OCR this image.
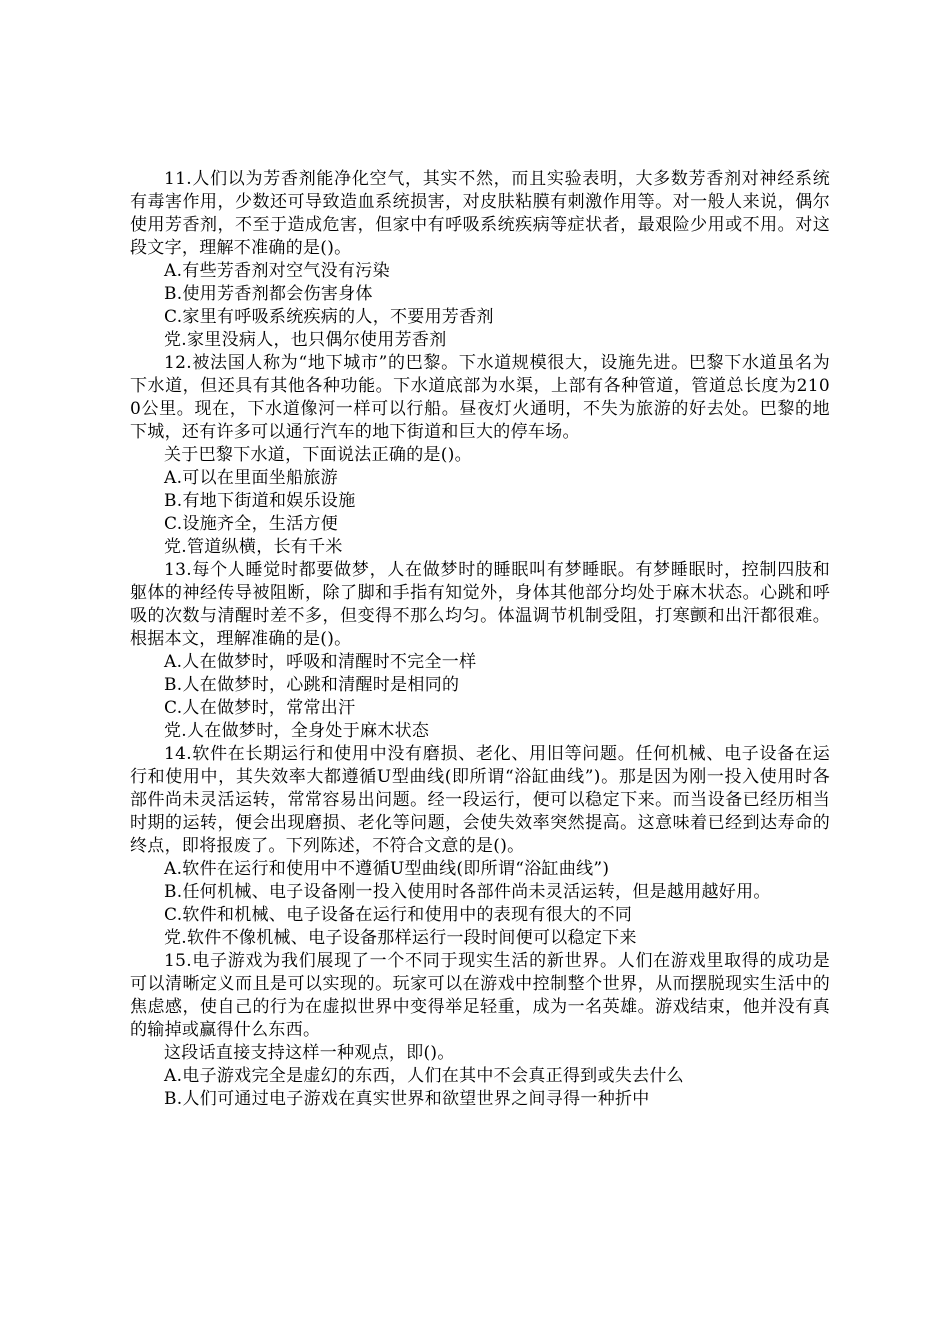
11.人们以为芳香剂能净化空气，其实不然，而且实验表明，大多数芳香剂对神经系统有毒害作用，少数还可导致造血系统损害，对皮肤粘膜有刺激作用等。对一般人来说，偶尔使用芳香剂，不至于造成危害，但家中有呼吸系统疾病等症状者，最艰险少用或不用。对这段文字，理解不准确的是()。

A.有些芳香剂对空气没有污染

B.使用芳香剂都会伤害身体

C.家里有呼吸系统疾病的人，不要用芳香剂

党.家里没病人，也只偶尔使用芳香剂

12.被法国人称为“地下城市”的巴黎。下水道规模很大，设施先进。巴黎下水道虽名为下水道，但还具有其他各种功能。下水道底部为水渠，上部有各种管道，管道总长度为2100公里。现在，下水道像河一样可以行船。昼夜灯火通明，不失为旅游的好去处。巴黎的地下城，还有许多可以通行汽车的地下街道和巨大的停车场。

关于巴黎下水道，下面说法正确的是()。

A.可以在里面坐船旅游

B.有地下街道和娱乐设施

C.设施齐全，生活方便

党.管道纵横，长有千米

13.每个人睡觉时都要做梦，人在做梦时的睡眠叫有梦睡眠。有梦睡眠时，控制四肢和躯体的神经传导被阻断，除了脚和手指有知觉外，身体其他部分均处于麻木状态。心跳和呼吸的次数与清醒时差不多，但变得不那么均匀。体温调节机制受阻，打寒颤和出汗都很难。根据本文，理解准确的是()。

A.人在做梦时，呼吸和清醒时不完全一样

B.人在做梦时，心跳和清醒时是相同的

C.人在做梦时，常常出汗

党.人在做梦时，全身处于麻木状态

14.软件在长期运行和使用中没有磨损、老化、用旧等问题。任何机械、电子设备在运行和使用中，其失效率大都遵循U型曲线(即所谓“浴缸曲线”)。那是因为刚一投入使用时各部件尚未灵活运转，常常容易出问题。经一段运行，便可以稳定下来。而当设备已经历相当时期的运转，便会出现磨损、老化等问题，会使失效率突然提高。这意味着已经到达寿命的终点，即将报废了。下列陈述，不符合文意的是()。

A.软件在运行和使用中不遵循U型曲线(即所谓“浴缸曲线”)

B.任何机械、电子设备刚一投入使用时各部件尚未灵活运转，但是越用越好用。

C.软件和机械、电子设备在运行和使用中的表现有很大的不同

党.软件不像机械、电子设备那样运行一段时间便可以稳定下来

15.电子游戏为我们展现了一个不同于现实生活的新世界。人们在游戏里取得的成功是可以清晰定义而且是可以实现的。玩家可以在游戏中控制整个世界，从而摆脱现实生活中的焦虑感，使自己的行为在虚拟世界中变得举足轻重，成为一名英雄。游戏结束，他并没有真的输掉或赢得什么东西。

这段话直接支持这样一种观点，即()。

A.电子游戏完全是虚幻的东西，人们在其中不会真正得到或失去什么

B.人们可通过电子游戏在真实世界和欲望世界之间寻得一种折中
